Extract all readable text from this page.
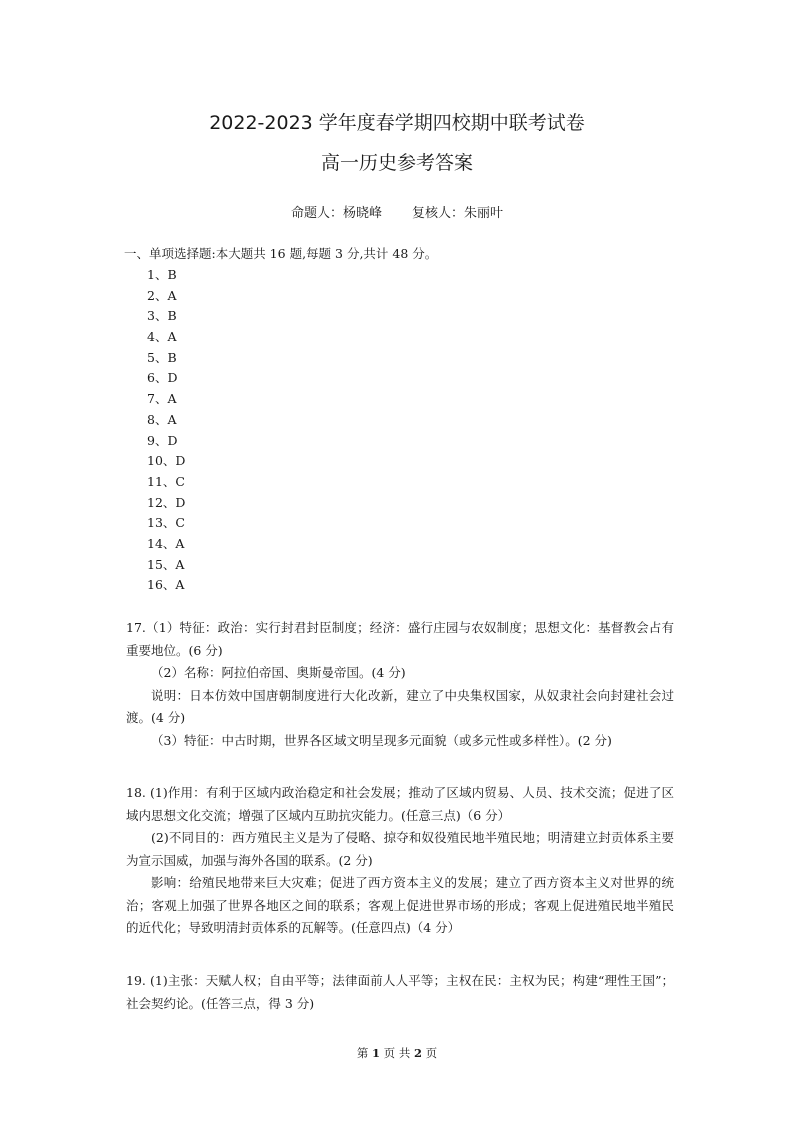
2022-2023 学年度春学期四校期中联考试卷
高一历史参考答案
命题人：杨晓峰 复核人：朱丽叶
一、单项选择题:本大题共 16 题,每题 3 分,共计 48 分。
1、B
2、A
3、B
4、A
5、B
6、D
7、A
8、A
9、D
10、D
11、C
12、D
13、C
14、A
15、A
16、A

17.（1）特征：政治：实行封君封臣制度；经济：盛行庄园与农奴制度；思想文化：基督教会占有重要地位。(6 分)

（2）名称：阿拉伯帝国、奥斯曼帝国。(4 分)

说明：日本仿效中国唐朝制度进行大化改新，建立了中央集权国家，从奴隶社会向封建社会过渡。(4 分)

（3）特征：中古时期，世界各区域文明呈现多元面貌（或多元性或多样性）。(2 分)

18. (1)作用：有利于区域内政治稳定和社会发展；推动了区域内贸易、人员、技术交流；促进了区域内思想文化交流；增强了区域内互助抗灾能力。(任意三点)（6 分）

(2)不同目的：西方殖民主义是为了侵略、掠夺和奴役殖民地半殖民地；明清建立封贡体系主要为宣示国威，加强与海外各国的联系。(2 分)

影响：给殖民地带来巨大灾难；促进了西方资本主义的发展；建立了西方资本主义对世界的统治；客观上加强了世界各地区之间的联系；客观上促进世界市场的形成；客观上促进殖民地半殖民的近代化；导致明清封贡体系的瓦解等。(任意四点)（4 分）

19. (1)主张：天赋人权；自由平等；法律面前人人平等；主权在民：主权为民；构建“理性王国”；社会契约论。(任答三点，得 3 分)

第 1 页 共 2 页
